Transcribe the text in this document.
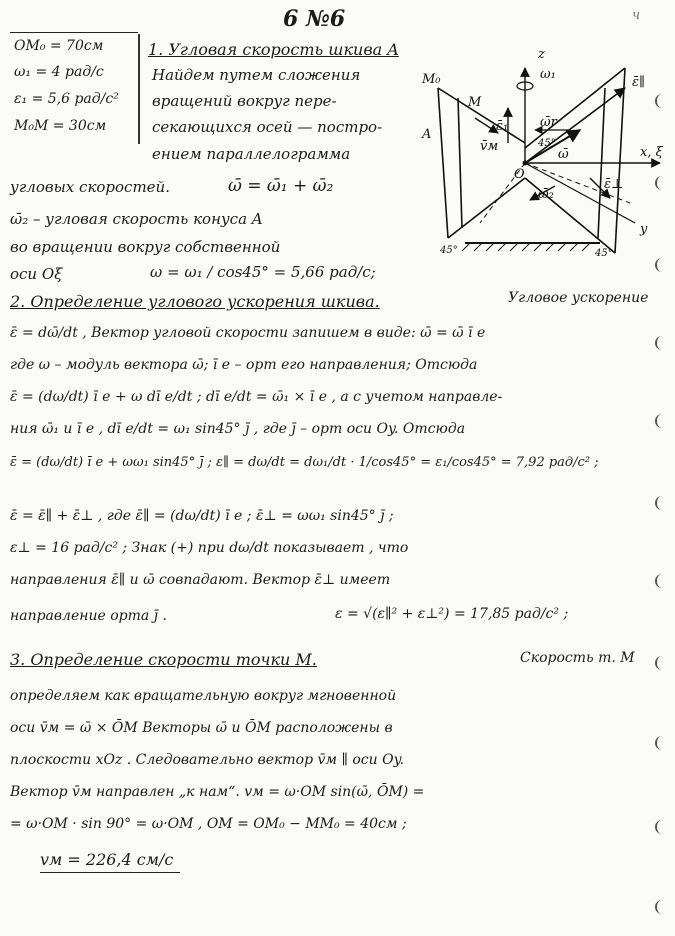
6 №6	ч
OM₀ = 70см
ω₁ = 4 рад/с
ε₁ = 5,6 рад/с²
M₀M = 30см
1. Угловая скорость шкива A
Найдем путем сложения
вращений вокруг пере-
секающихся осей — постро-
ением параллелограмма
угловых скоростей.	ω̄ = ω̄₁ + ω̄₂
ω̄₂ – угловая скорость конуса A
во вращении вокруг собственной
оси Oξ	ω = ω₁ / cos45° = 5,66 рад/с;
z
ω₁
M₀
M
A
ε̄₁ ω̄r
45°
ε̄∥
v̄м
ω̄
O
x, ξ
ω̄₂
ε̄⊥
y
45°	45°
2. Определение углового ускорения шкива.	Угловое ускорение
ε̄ = dω̄/dt , Вектор угловой скорости запишем в виде: ω̄ = ω̄ ī e
где ω – модуль вектора ω̄; ī e – орт его направления; Отсюда
ε̄ = (dω/dt) ī e + ω dī e/dt ; dī e/dt = ω̄₁ × ī e , а с учетом направле-
ния ω̄₁ и ī e , dī e/dt = ω₁ sin45° j̄ , где j̄ – орт оси Oy. Отсюда
ε̄ = (dω/dt) ī e + ωω₁ sin45° j̄ ; ε∥ = dω/dt = dω₁/dt · 1/cos45° = ε₁/cos45° = 7,92 рад/с² ;
ε̄ = ε̄∥ + ε̄⊥ , где ε̄∥ = (dω/dt) ī e ; ε̄⊥ = ωω₁ sin45° j̄ ;
ε⊥ = 16 рад/с² ; Знак (+) при dω/dt показывает , что
направления ε̄∥ и ω̄ совпадают. Вектор ε̄⊥ имеет
направление орта j̄ .	ε = √(ε∥² + ε⊥²) = 17,85 рад/с² ;
3. Определение скорости точки M.	Скорость т. M
определяем как вращательную вокруг мгновенной
оси v̄м = ω̄ × ŌM Векторы ω̄ и ŌM расположены в
плоскости xOz . Следовательно вектор v̄м ∥ оси Oy.
Вектор v̄м направлен „к нам“. vм = ω·OM sin(ω̄, ŌM) =
= ω·OM · sin 90° = ω·OM , OM = OM₀ − MM₀ = 40см ;
vм = 226,4 см/с
